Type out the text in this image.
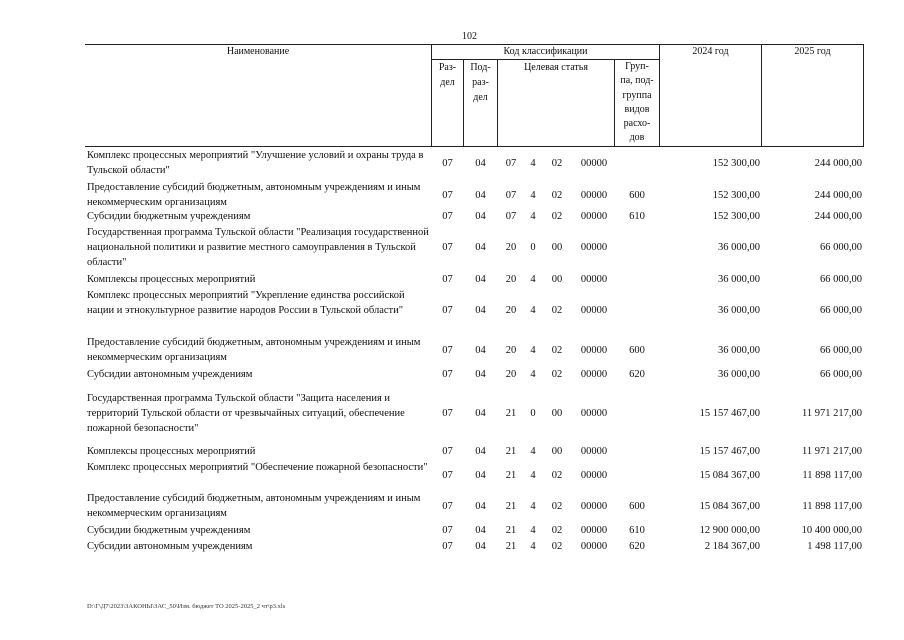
102
Наименование	Код классификации
Раз-
дел
Под-
раз-
дел
Целевая статья	Груп-
па, под-
группа
видов
расхо-
дов
2024 год	2025 год
Комплекс процессных мероприятий "Улучшение условий и охраны труда в Тульской области"
07	04	07	4	02	00000	152 300,00	244 000,00
Предоставление субсидий бюджетным, автономным учреждениям и иным некоммерческим организациям
07	04	07	4	02	00000	600	152 300,00	244 000,00
Субсидии бюджетным учреждениям	07	04	07	4	02	00000	610	152 300,00	244 000,00
Государственная программа Тульской области "Реализация государственной национальной политики и развитие местного самоуправления в Тульской области"
07	04	20	0	00	00000	36 000,00	66 000,00
Комплексы процессных мероприятий	07	04	20	4	00	00000	36 000,00	66 000,00
Комплекс процессных мероприятий "Укрепление единства российской нации и этнокультурное развитие народов России в Тульской области"	07	04	20	4	02	00000	36 000,00	66 000,00
Предоставление субсидий бюджетным, автономным учреждениям и иным некоммерческим организациям
07	04	20	4	02	00000	600	36 000,00	66 000,00
Субсидии автономным учреждениям	07	04	20	4	02	00000	620	36 000,00	66 000,00
Государственная программа Тульской области "Защита населения и территорий Тульской области от чрезвычайных ситуаций, обеспечение пожарной безопасности"
07	04	21	0	00	00000	15 157 467,00	11 971 217,00
Комплексы процессных мероприятий	07	04	21	4	00	00000	15 157 467,00	11 971 217,00
Комплекс процессных мероприятий "Обеспечение пожарной безопасности"
07	04	21	4	02	00000	15 084 367,00	11 898 117,00
Предоставление субсидий бюджетным, автономным учреждениям и иным некоммерческим организациям
07	04	21	4	02	00000	600	15 084 367,00	11 898 117,00
Субсидии бюджетным учреждениям	07	04	21	4	02	00000	610	12 900 000,00	10 400 000,00
Субсидии автономным учреждениям	07	04	21	4	02	00000	620	2 184 367,00	1 498 117,00
D:\Г\Д7\2023\ЗАКОНЫ\ЗАС_50\Изм. бюджет ТО 2025-2025_2 чт\р3.xls
